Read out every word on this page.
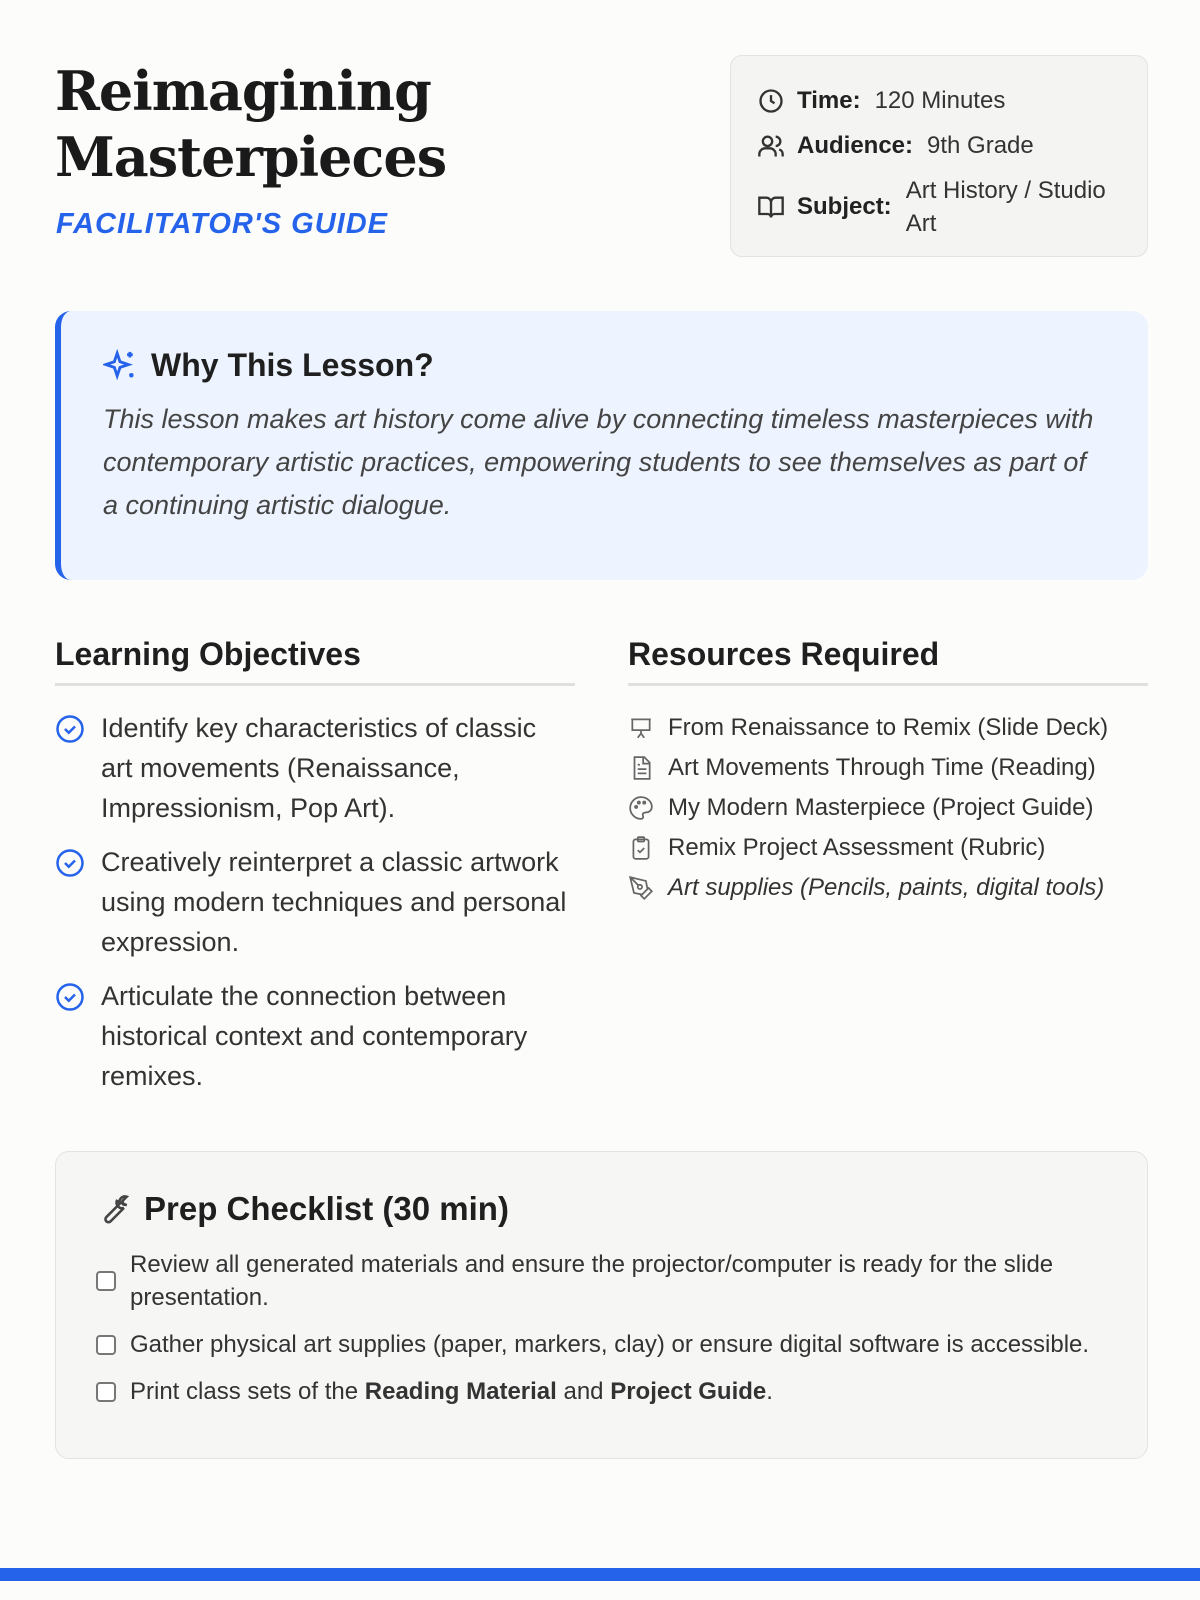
Reimagining
Masterpieces
FACILITATOR'S GUIDE
Time: 120 Minutes
Audience: 9th Grade
Subject:
Art History / Studio Art
Why This Lesson?

This lesson makes art history come alive by connecting timeless masterpieces with contemporary artistic practices, empowering students to see themselves as part of a continuing artistic dialogue.

Learning Objectives
Identify key characteristics of classic art movements (Renaissance, Impressionism, Pop Art).
Creatively reinterpret a classic artwork using modern techniques and personal expression.
Articulate the connection between historical context and contemporary remixes.
Resources Required
From Renaissance to Remix (Slide Deck)
Art Movements Through Time (Reading)
My Modern Masterpiece (Project Guide)
Remix Project Assessment (Rubric)
Art supplies (Pencils, paints, digital tools)
Prep Checklist (30 min)
Review all generated materials and ensure the projector/computer is ready for the slide presentation.
Gather physical art supplies (paper, markers, clay) or ensure digital software is accessible.
Print class sets of the Reading Material and Project Guide.
